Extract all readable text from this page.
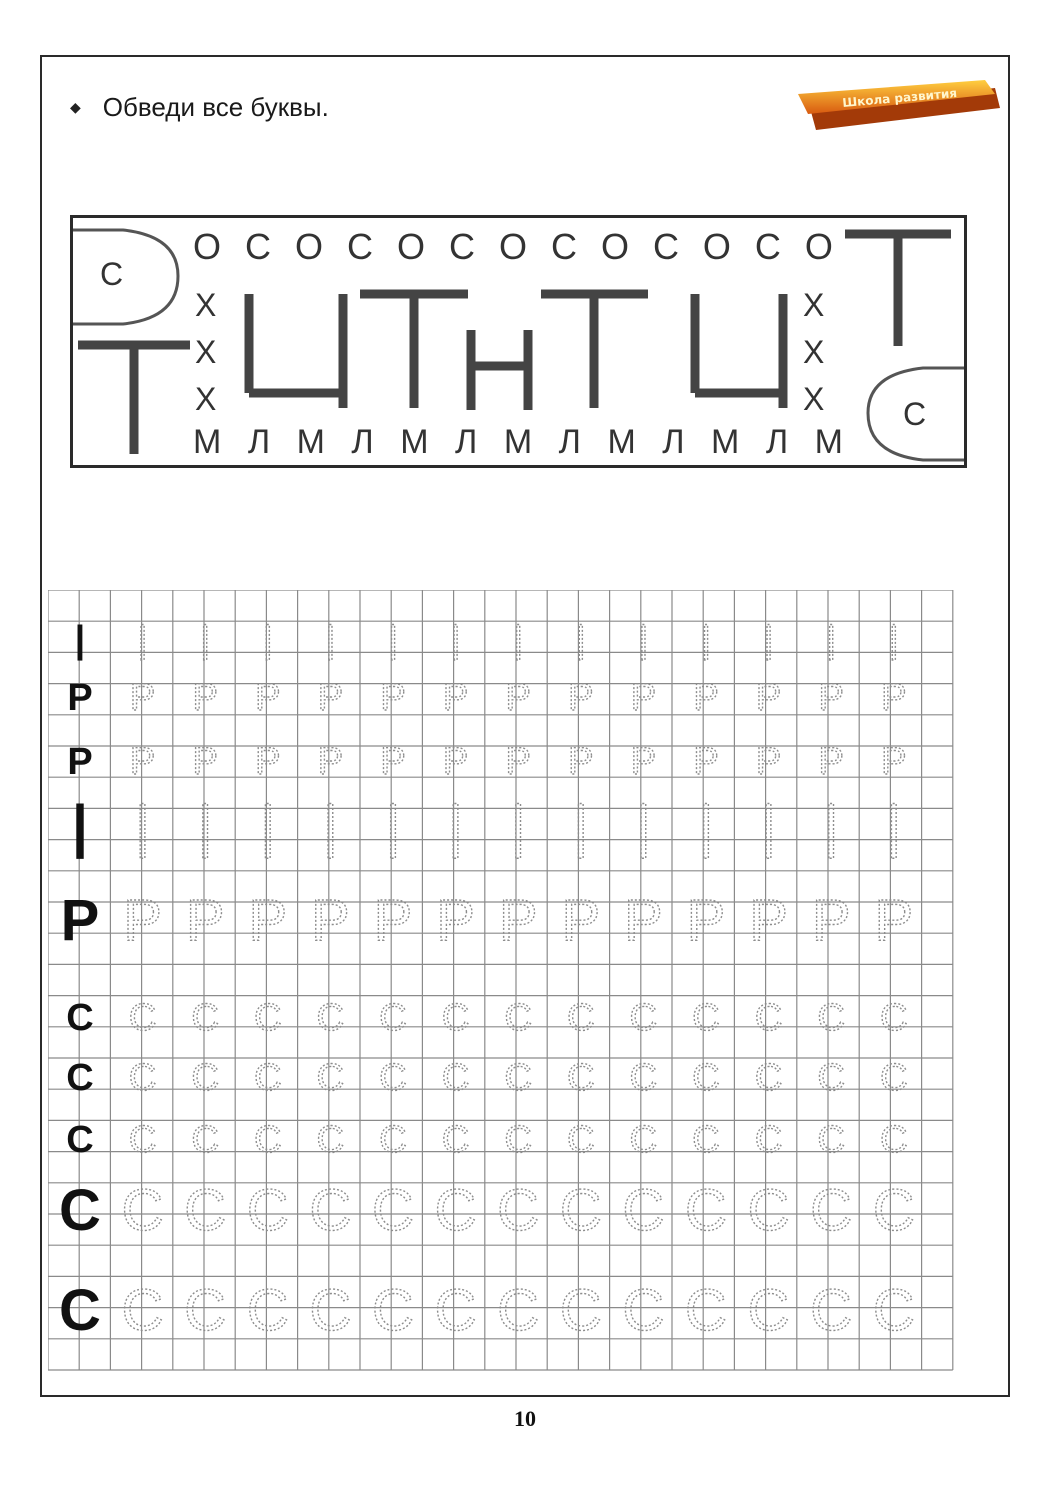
◆ Обведи все буквы.	Школа развития
О С О С О С О С О С О С О
Х
Х
Х
Х
Х
Х
М Л М Л М Л М Л М Л М Л М
С
С
| | | | | | | | | | | | | |
Р Р Р Р Р Р Р Р Р Р Р Р Р Р
Р Р Р Р Р Р Р Р Р Р Р Р Р Р
| | | | | | | | | | | | | |
Р Р Р Р Р Р Р Р Р Р Р Р Р Р
С С С С С С С С С С С С С С
С С С С С С С С С С С С С С
С С С С С С С С С С С С С С
С С С С С С С С С С С С С С
С С С С С С С С С С С С С С
10
